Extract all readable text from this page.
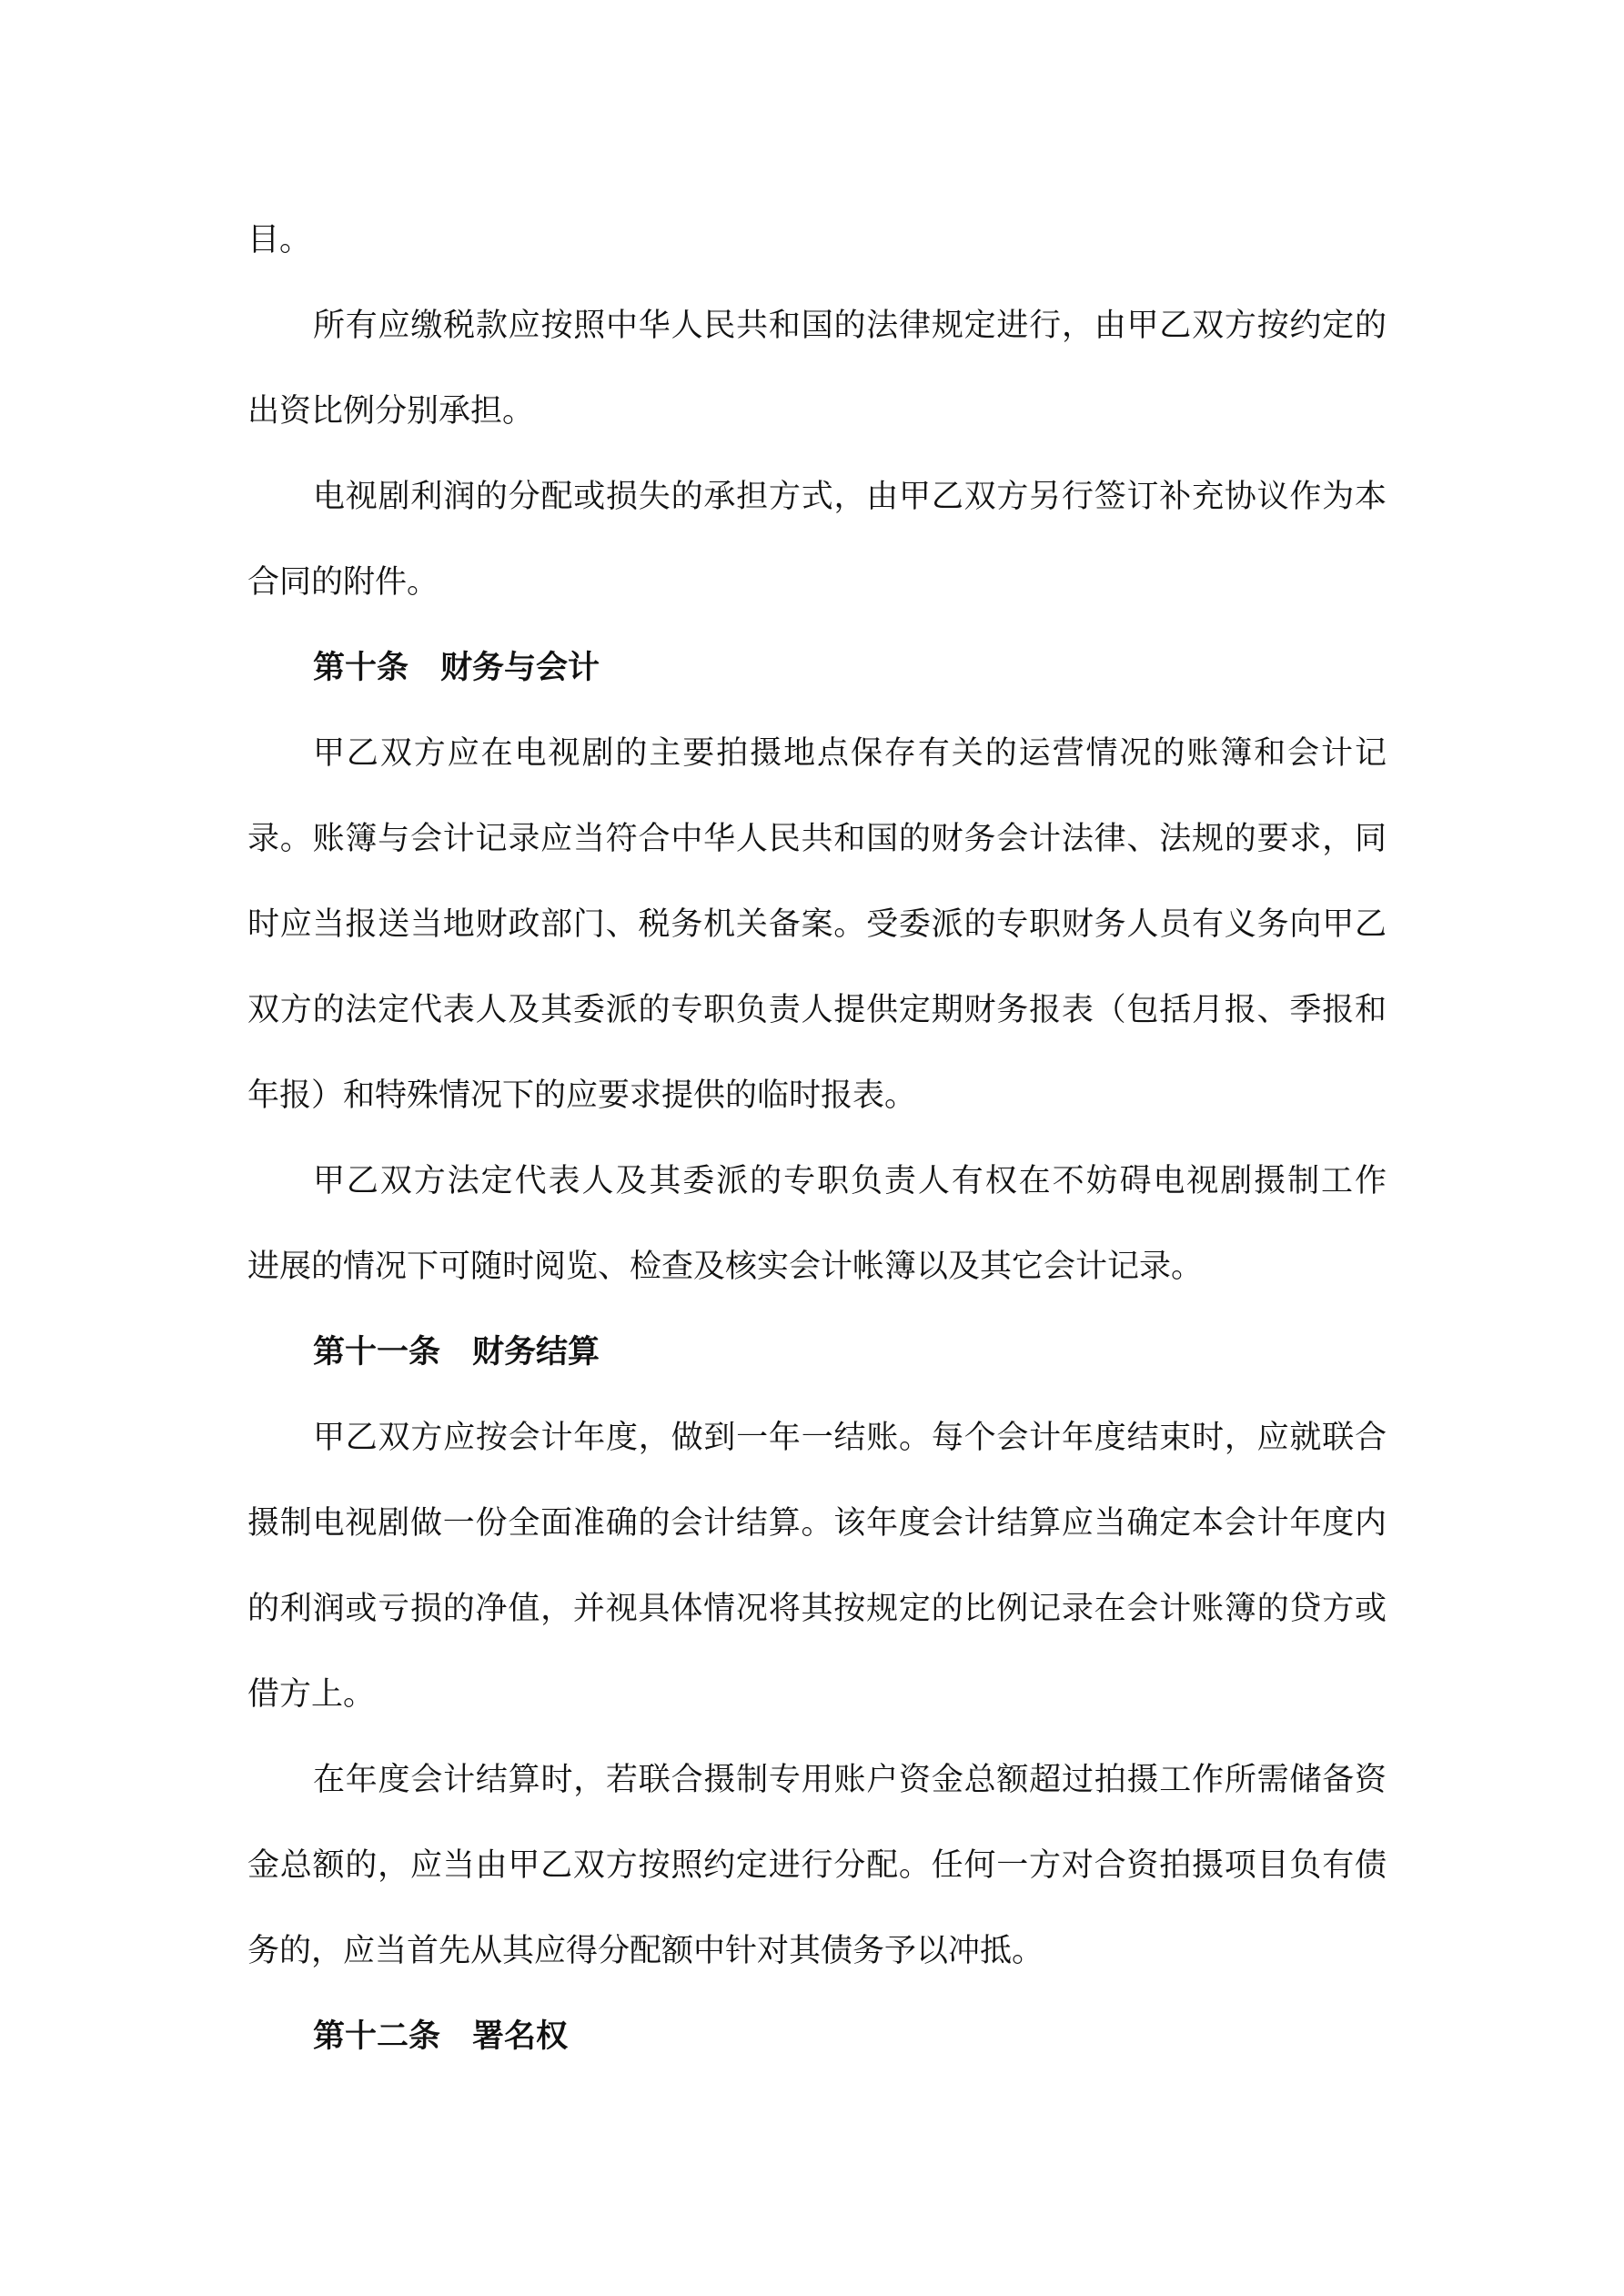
目。

所有应缴税款应按照中华人民共和国的法律规定进行，由甲乙双方按约定的
出资比例分别承担。

电视剧利润的分配或损失的承担方式，由甲乙双方另行签订补充协议作为本
合同的附件。

第十条　财务与会计

甲乙双方应在电视剧的主要拍摄地点保存有关的运营情况的账簿和会计记
录。账簿与会计记录应当符合中华人民共和国的财务会计法律、法规的要求，同
时应当报送当地财政部门、税务机关备案。受委派的专职财务人员有义务向甲乙
双方的法定代表人及其委派的专职负责人提供定期财务报表（包括月报、季报和
年报）和特殊情况下的应要求提供的临时报表。

甲乙双方法定代表人及其委派的专职负责人有权在不妨碍电视剧摄制工作
进展的情况下可随时阅览、检查及核实会计帐簿以及其它会计记录。

第十一条　财务结算

甲乙双方应按会计年度，做到一年一结账。每个会计年度结束时，应就联合
摄制电视剧做一份全面准确的会计结算。该年度会计结算应当确定本会计年度内
的利润或亏损的净值，并视具体情况将其按规定的比例记录在会计账簿的贷方或
借方上。

在年度会计结算时，若联合摄制专用账户资金总额超过拍摄工作所需储备资
金总额的，应当由甲乙双方按照约定进行分配。任何一方对合资拍摄项目负有债
务的，应当首先从其应得分配额中针对其债务予以冲抵。

第十二条　署名权
